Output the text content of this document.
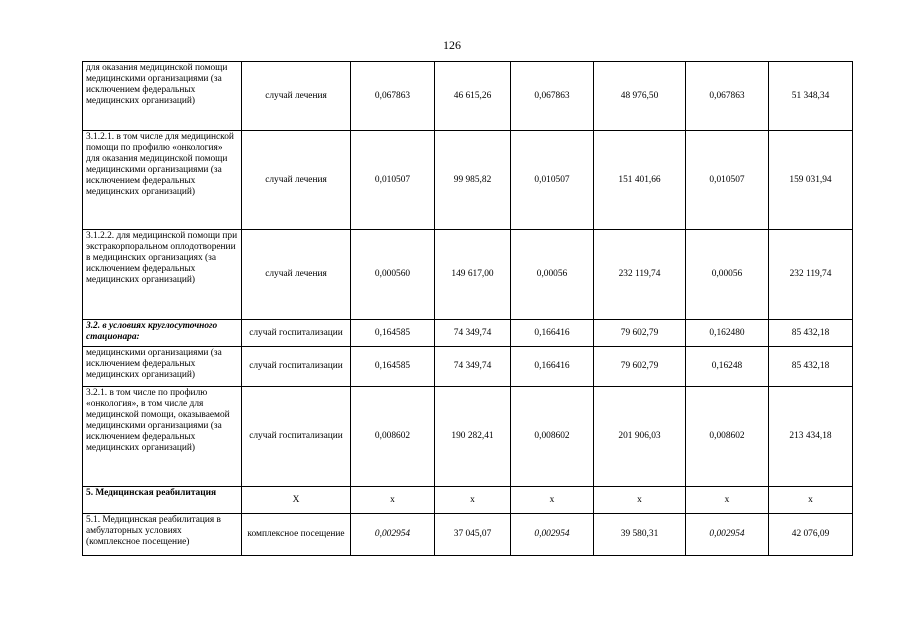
126
для оказания медицинской помощи медицинскими организациями (за исключением федеральных медицинских организаций)	случай лечения	0,067863	46 615,26	0,067863	48 976,50	0,067863	51 348,34
3.1.2.1. в том числе для медицинской помощи по профилю «онкология» для оказания медицинской помощи медицинскими организациями (за исключением федеральных медицинских организаций)	случай лечения	0,010507	99 985,82	0,010507	151 401,66	0,010507	159 031,94
3.1.2.2. для медицинской помощи при экстракорпоральном оплодотворении в медицинских организациях (за исключением федеральных медицинских организаций)	случай лечения	0,000560	149 617,00	0,00056	232 119,74	0,00056	232 119,74
3.2. в условиях круглосуточного стационара:	случай госпитализации	0,164585	74 349,74	0,166416	79 602,79	0,162480	85 432,18
медицинскими организациями (за исключением федеральных медицинских организаций)	случай госпитализации	0,164585	74 349,74	0,166416	79 602,79	0,16248	85 432,18
3.2.1. в том числе по профилю «онкология», в том числе для медицинской помощи, оказываемой медицинскими организациями (за исключением федеральных медицинских организаций)	случай госпитализации	0,008602	190 282,41	0,008602	201 906,03	0,008602	213 434,18
5. Медицинская реабилитация	Х	х	х	х	х	х	х
5.1. Медицинская реабилитация в амбулаторных условиях (комплексное посещение)	комплексное посещение	0,002954	37 045,07	0,002954	39 580,31	0,002954	42 076,09
